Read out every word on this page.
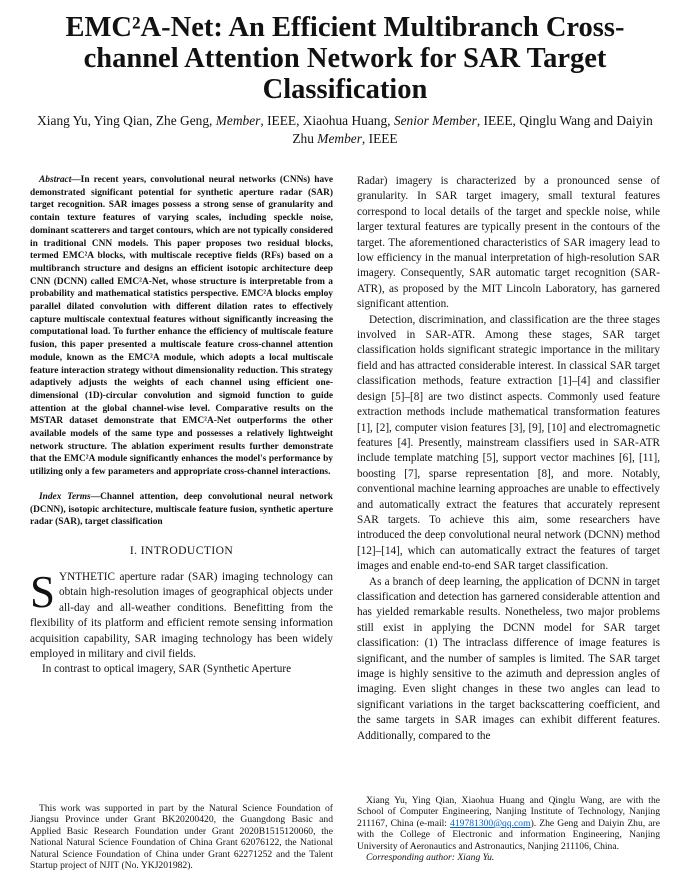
EMC²A-Net: An Efficient Multibranch Cross-channel Attention Network for SAR Target Classification
Xiang Yu, Ying Qian, Zhe Geng, Member, IEEE, Xiaohua Huang, Senior Member, IEEE, Qinglu Wang and Daiyin Zhu Member, IEEE

Abstract—In recent years, convolutional neural networks (CNNs) have demonstrated significant potential for synthetic aperture radar (SAR) target recognition. SAR images possess a strong sense of granularity and contain texture features of varying scales, including speckle noise, dominant scatterers and target contours, which are not typically considered in traditional CNN models. This paper proposes two residual blocks, termed EMC²A blocks, with multiscale receptive fields (RFs) based on a multibranch structure and designs an efficient isotopic architecture deep CNN (DCNN) called EMC²A-Net, whose structure is interpretable from a probability and mathematical statistics perspective. EMC²A blocks employ parallel dilated convolution with different dilation rates to effectively capture multiscale contextual features without significantly increasing the computational load. To further enhance the efficiency of multiscale feature fusion, this paper presented a multiscale feature cross-channel attention module, known as the EMC²A module, which adopts a local multiscale feature interaction strategy without dimensionality reduction. This strategy adaptively adjusts the weights of each channel using efficient one-dimensional (1D)-circular convolution and sigmoid function to guide attention at the global channel-wise level. Comparative results on the MSTAR dataset demonstrate that EMC²A-Net outperforms the other available models of the same type and possesses a relatively lightweight network structure. The ablation experiment results further demonstrate that the EMC²A module significantly enhances the model's performance by utilizing only a few parameters and appropriate cross-channel interactions.

Index Terms—Channel attention, deep convolutional neural network (DCNN), isotopic architecture, multiscale feature fusion, synthetic aperture radar (SAR), target classification

I. INTRODUCTION

SYNTHETIC aperture radar (SAR) imaging technology can obtain high-resolution images of geographical objects under all-day and all-weather conditions. Benefitting from the flexibility of its platform and efficient remote sensing information acquisition capability, SAR imaging technology has been widely employed in military and civil fields.

In contrast to optical imagery, SAR (Synthetic Aperture

Radar) imagery is characterized by a pronounced sense of granularity. In SAR target imagery, small textural features correspond to local details of the target and speckle noise, while larger textural features are typically present in the contours of the target. The aforementioned characteristics of SAR imagery lead to low efficiency in the manual interpretation of high-resolution SAR imagery. Consequently, SAR automatic target recognition (SAR-ATR), as proposed by the MIT Lincoln Laboratory, has garnered significant attention.

Detection, discrimination, and classification are the three stages involved in SAR-ATR. Among these stages, SAR target classification holds significant strategic importance in the military field and has attracted considerable interest. In classical SAR target classification methods, feature extraction [1]–[4] and classifier design [5]–[8] are two distinct aspects. Commonly used feature extraction methods include mathematical transformation features [1], [2], computer vision features [3], [9], [10] and electromagnetic features [4]. Presently, mainstream classifiers used in SAR-ATR include template matching [5], support vector machines [6], [11], boosting [7], sparse representation [8], and more. Notably, conventional machine learning approaches are unable to effectively and automatically extract the features that accurately represent SAR targets. To achieve this aim, some researchers have introduced the deep convolutional neural network (DCNN) method [12]–[14], which can automatically extract the features of target images and enable end-to-end SAR target classification.

As a branch of deep learning, the application of DCNN in target classification and detection has garnered considerable attention and has yielded remarkable results. Nonetheless, two major problems still exist in applying the DCNN model for SAR target classification: (1) The intraclass difference of image features is significant, and the number of samples is limited. The SAR target image is highly sensitive to the azimuth and depression angles of imaging. Even slight changes in these two angles can lead to significant variations in the target backscattering coefficient, and the same targets in SAR images can exhibit different features. Additionally, compared to the

This work was supported in part by the Natural Science Foundation of Jiangsu Province under Grant BK20200420, the Guangdong Basic and Applied Basic Research Foundation under Grant 2020B1515120060, the National Natural Science Foundation of China Grant 62076122, the National Natural Science Foundation of China under Grant 62271252 and the Talent Startup project of NJIT (No. YKJ201982).

Xiang Yu, Ying Qian, Xiaohua Huang and Qinglu Wang, are with the School of Computer Engineering, Nanjing Institute of Technology, Nanjing 211167, China (e-mail: 419781300@qq.com). Zhe Geng and Daiyin Zhu, are with the College of Electronic and information Engineering, Nanjing University of Aeronautics and Astronautics, Nanjing 211106, China.

Corresponding author: Xiang Yu.
